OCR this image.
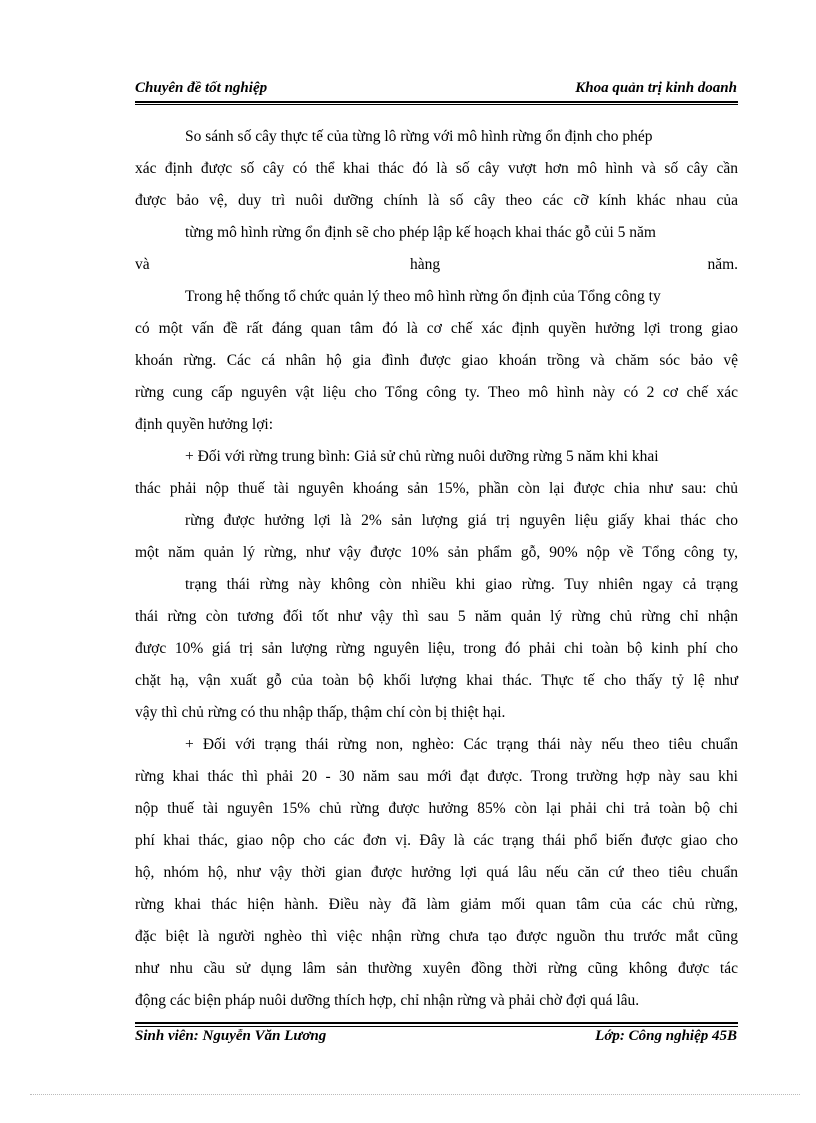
Chuyên đề tốt nghiệp	Khoa quản trị kinh doanh
So sánh số cây thực tế của từng lô rừng với mô hình rừng ổn định cho phép
xác định được số cây có thể khai thác đó là số cây vượt hơn mô hình và số cây cần
được bảo vệ, duy trì nuôi dưỡng chính là số cây theo các cỡ kính khác nhau của
từng mô hình rừng ổn định sẽ cho phép lập kế hoạch khai thác gỗ củi 5 năm
và	hàng	năm.
Trong hệ thống tổ chức quản lý theo mô hình rừng ổn định của Tổng công ty
có một vấn đề rất đáng quan tâm đó là cơ chế xác định quyền hưởng lợi trong giao
khoán rừng. Các cá nhân hộ gia đình được giao khoán trồng và chăm sóc bảo vệ
rừng cung cấp nguyên vật liệu cho Tổng công ty. Theo mô hình này có 2 cơ chế xác
định quyền hưởng lợi:
+ Đối với rừng trung bình: Giả sử chủ rừng nuôi dưỡng rừng 5 năm khi khai
thác phải nộp thuế tài nguyên khoáng sản 15%, phần còn lại được chia như sau: chủ
rừng được hưởng lợi là 2% sản lượng giá trị nguyên liệu giấy khai thác cho
một năm quản lý rừng, như vậy được 10% sản phẩm gỗ, 90% nộp về Tổng công ty,
trạng thái rừng này không còn nhiều khi giao rừng. Tuy nhiên ngay cả trạng
thái rừng còn tương đối tốt như vậy thì sau 5 năm quản lý rừng chủ rừng chỉ nhận
được 10% giá trị sản lượng rừng nguyên liệu, trong đó phải chi toàn bộ kinh phí cho
chặt hạ, vận xuất gỗ của toàn bộ khối lượng khai thác. Thực tế cho thấy tỷ lệ như
vậy thì chủ rừng có thu nhập thấp, thậm chí còn bị thiệt hại.
+ Đối với trạng thái rừng non, nghèo: Các trạng thái này nếu theo tiêu chuẩn
rừng khai thác thì phải 20 - 30 năm sau mới đạt được. Trong trường hợp này sau khi
nộp thuế tài nguyên 15% chủ rừng được hưởng 85% còn lại phải chi trả toàn bộ chi
phí khai thác, giao nộp cho các đơn vị. Đây là các trạng thái phổ biến được giao cho
hộ, nhóm hộ, như vậy thời gian được hưởng lợi quá lâu nếu căn cứ theo tiêu chuẩn
rừng khai thác hiện hành. Điều này đã làm giảm mối quan tâm của các chủ rừng,
đặc biệt là người nghèo thì việc nhận rừng chưa tạo được nguồn thu trước mắt cũng
như nhu cầu sử dụng lâm sản thường xuyên đồng thời rừng cũng không được tác
động các biện pháp nuôi dưỡng thích hợp, chỉ nhận rừng và phải chờ đợi quá lâu.
Sinh viên: Nguyễn Văn Lương	Lớp: Công nghiệp 45B
